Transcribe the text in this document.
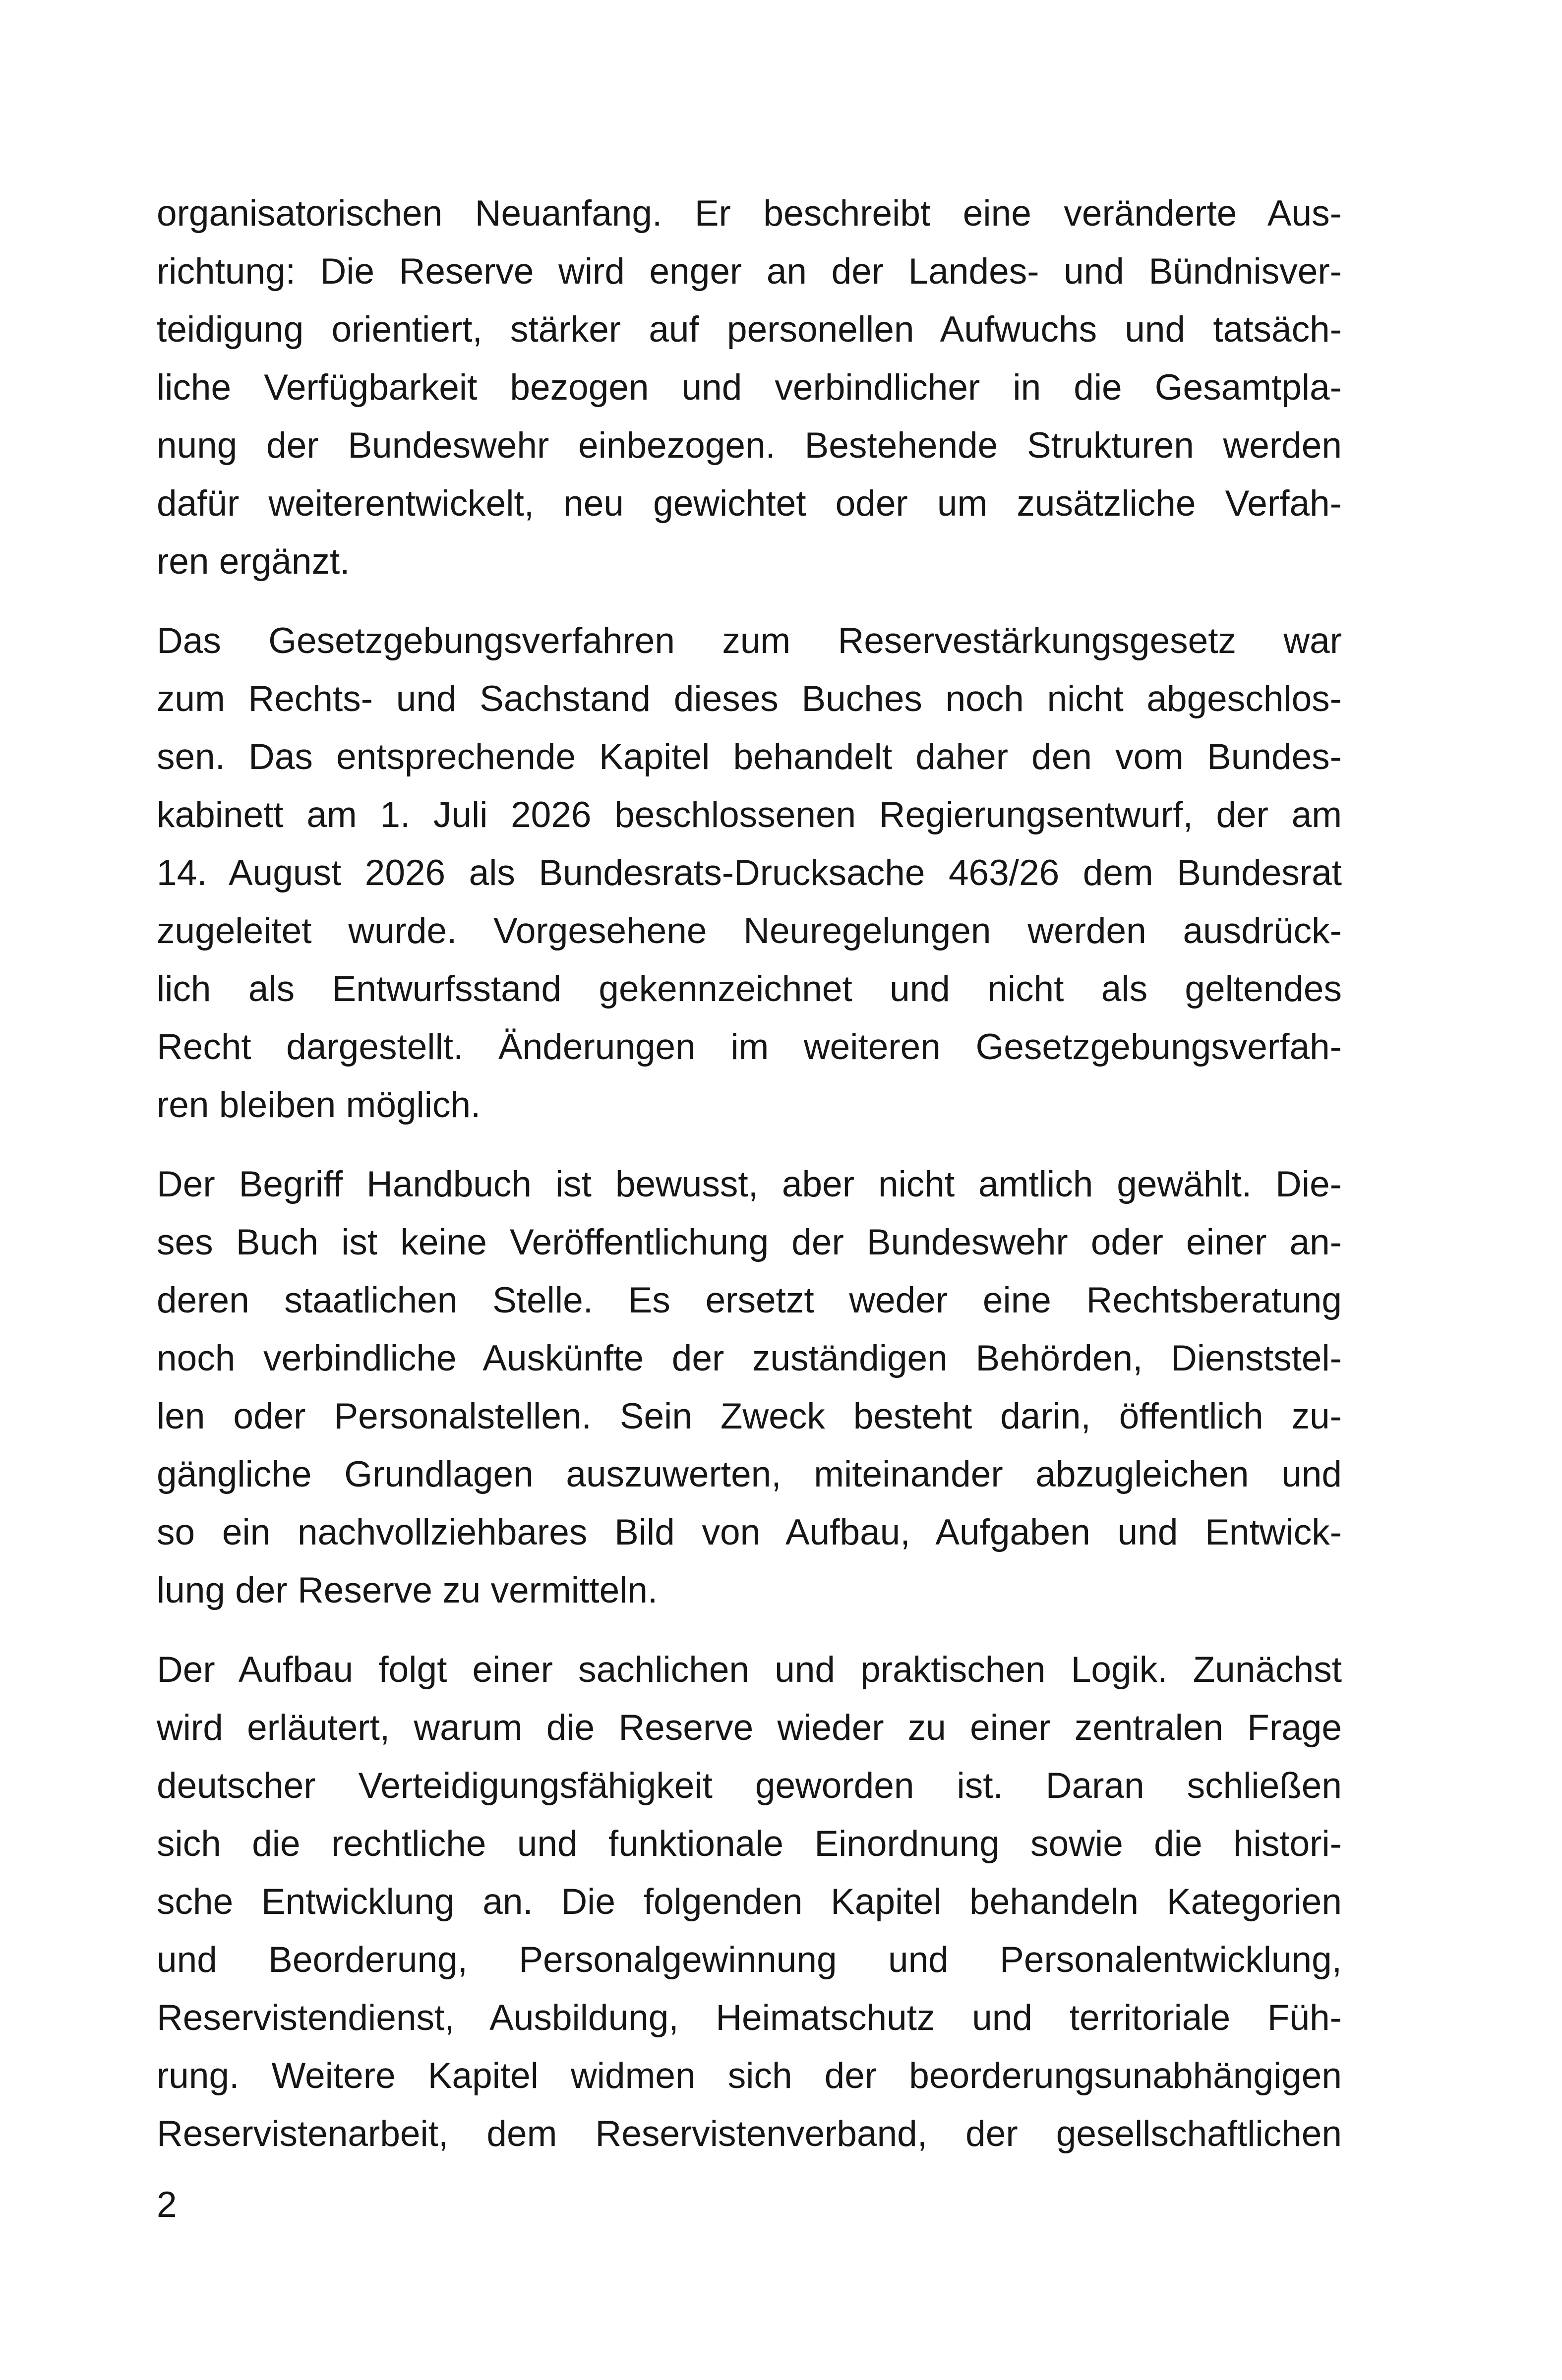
organisatorischen Neuanfang. Er beschreibt eine veränderte Aus-
richtung: Die Reserve wird enger an der Landes- und Bündnisver-
teidigung orientiert, stärker auf personellen Aufwuchs und tatsäch-
liche Verfügbarkeit bezogen und verbindlicher in die Gesamtpla-
nung der Bundeswehr einbezogen. Bestehende Strukturen werden
dafür weiterentwickelt, neu gewichtet oder um zusätzliche Verfah-
ren ergänzt.
Das Gesetzgebungsverfahren zum Reservestärkungsgesetz war
zum Rechts- und Sachstand dieses Buches noch nicht abgeschlos-
sen. Das entsprechende Kapitel behandelt daher den vom Bundes-
kabinett am 1. Juli 2026 beschlossenen Regierungsentwurf, der am
14. August 2026 als Bundesrats-Drucksache 463/26 dem Bundesrat
zugeleitet wurde. Vorgesehene Neuregelungen werden ausdrück-
lich als Entwurfsstand gekennzeichnet und nicht als geltendes
Recht dargestellt. Änderungen im weiteren Gesetzgebungsverfah-
ren bleiben möglich.
Der Begriff Handbuch ist bewusst, aber nicht amtlich gewählt. Die-
ses Buch ist keine Veröffentlichung der Bundeswehr oder einer an-
deren staatlichen Stelle. Es ersetzt weder eine Rechtsberatung
noch verbindliche Auskünfte der zuständigen Behörden, Dienststel-
len oder Personalstellen. Sein Zweck besteht darin, öffentlich zu-
gängliche Grundlagen auszuwerten, miteinander abzugleichen und
so ein nachvollziehbares Bild von Aufbau, Aufgaben und Entwick-
lung der Reserve zu vermitteln.
Der Aufbau folgt einer sachlichen und praktischen Logik. Zunächst
wird erläutert, warum die Reserve wieder zu einer zentralen Frage
deutscher Verteidigungsfähigkeit geworden ist. Daran schließen
sich die rechtliche und funktionale Einordnung sowie die histori-
sche Entwicklung an. Die folgenden Kapitel behandeln Kategorien
und Beorderung, Personalgewinnung und Personalentwicklung,
Reservistendienst, Ausbildung, Heimatschutz und territoriale Füh-
rung. Weitere Kapitel widmen sich der beorderungsunabhängigen
Reservistenarbeit, dem Reservistenverband, der gesellschaftlichen
2
